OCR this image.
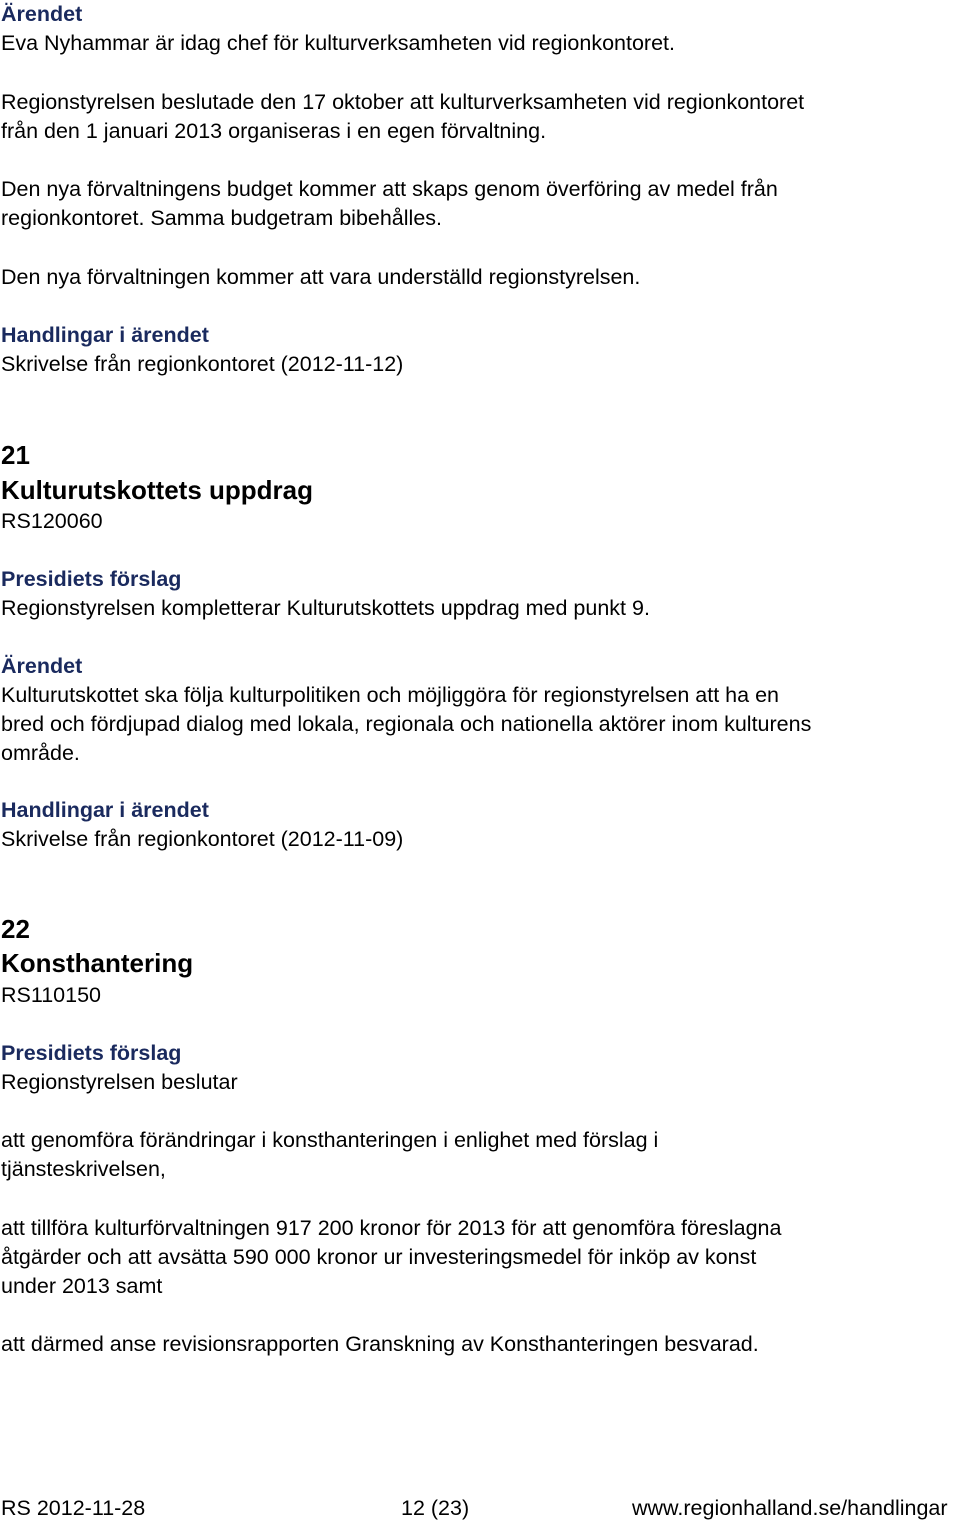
Ärendet
Eva Nyhammar är idag chef för kulturverksamheten vid regionkontoret.
Regionstyrelsen beslutade den 17 oktober att kulturverksamheten vid regionkontoret
från den 1 januari 2013 organiseras i en egen förvaltning.
Den nya förvaltningens budget kommer att skaps genom överföring av medel från
regionkontoret. Samma budgetram bibehålles.
Den nya förvaltningen kommer att vara underställd regionstyrelsen.
Handlingar i ärendet
Skrivelse från regionkontoret (2012-11-12)
21
Kulturutskottets uppdrag
RS120060
Presidiets förslag
Regionstyrelsen kompletterar Kulturutskottets uppdrag med punkt 9.
Ärendet
Kulturutskottet ska följa kulturpolitiken och möjliggöra för regionstyrelsen att ha en
bred och fördjupad dialog med lokala, regionala och nationella aktörer inom kulturens
område.
Handlingar i ärendet
Skrivelse från regionkontoret (2012-11-09)
22
Konsthantering
RS110150
Presidiets förslag
Regionstyrelsen beslutar
att genomföra förändringar i konsthanteringen i enlighet med förslag i
tjänsteskrivelsen,
att tillföra kulturförvaltningen 917 200 kronor för 2013 för att genomföra föreslagna
åtgärder och att avsätta 590 000 kronor ur investeringsmedel för inköp av konst
under 2013 samt
att därmed anse revisionsrapporten Granskning av Konsthanteringen besvarad.
RS 2012-11-28	12 (23)	www.regionhalland.se/handlingar
